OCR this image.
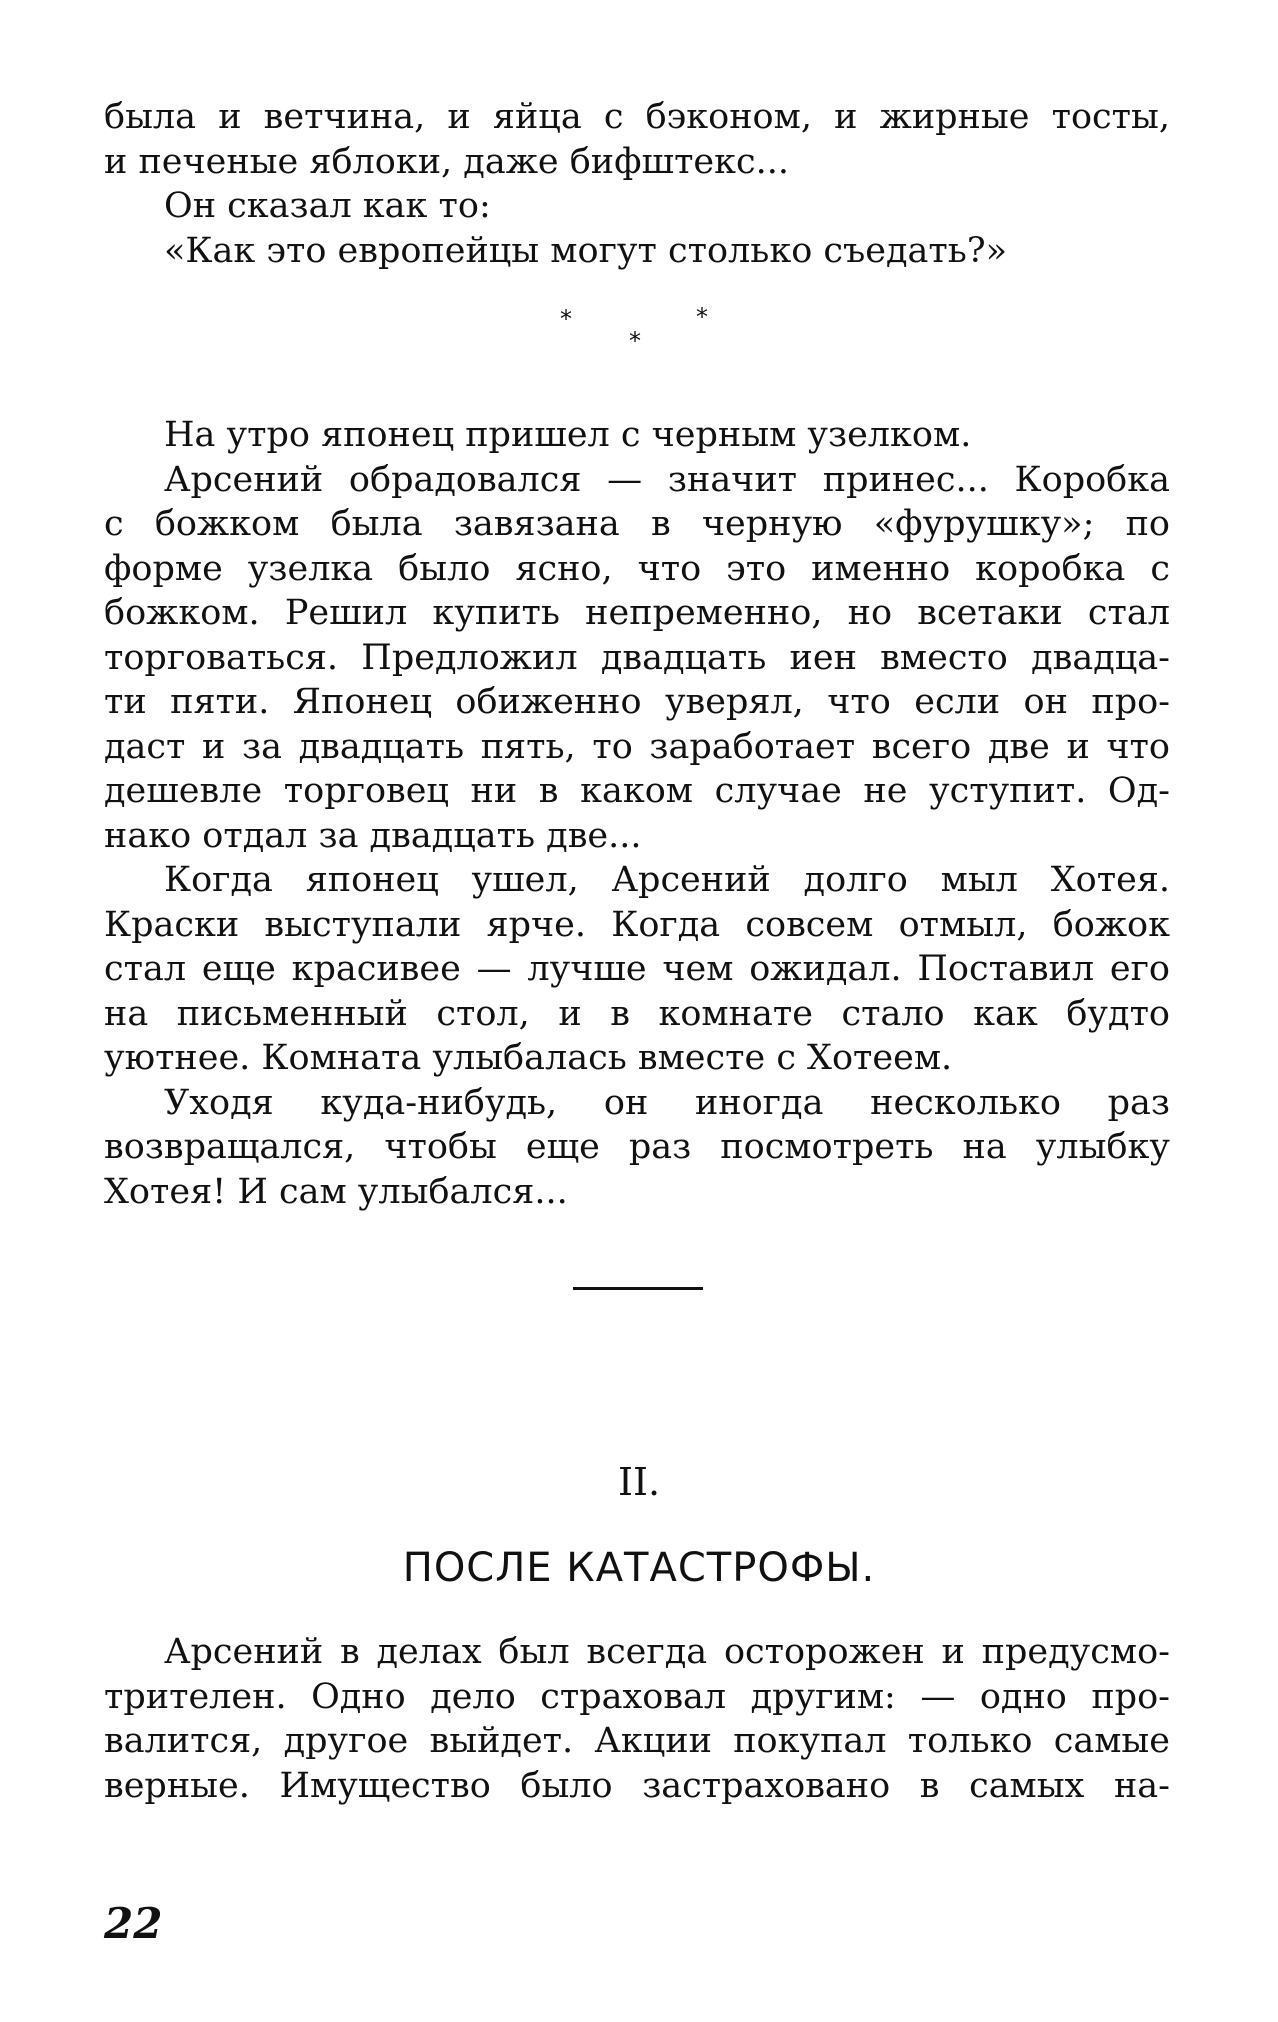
была и ветчина, и яйца с бэконом, и жирные тосты,
и печеные яблоки, даже бифштекс...
Он сказал как то:
«Как это европейцы могут столько съедать?»
*
*
*
На утро японец пришел с черным узелком.
Арсений обрадовался — значит принес... Коробка
с божком была завязана в черную «фурушку»; по
форме узелка было ясно, что это именно коробка с
божком. Решил купить непременно, но всетаки стал
торговаться. Предложил двадцать иен вместо двадца-
ти пяти. Японец обиженно уверял, что если он про-
даст и за двадцать пять, то заработает всего две и что
дешевле торговец ни в каком случае не уступит. Од-
нако отдал за двадцать две...
Когда японец ушел, Арсений долго мыл Хотея.
Краски выступали ярче. Когда совсем отмыл, божок
стал еще красивее — лучше чем ожидал. Поставил его
на письменный стол, и в комнате стало как будто
уютнее. Комната улыбалась вместе с Хотеем.
Уходя куда-нибудь, он иногда несколько раз
возвращался, чтобы еще раз посмотреть на улыбку
Хотея! И сам улыбался...
II.
ПОСЛЕ КАТАСТРОФЫ.
Арсений в делах был всегда осторожен и предусмо-
трителен. Одно дело страховал другим: — одно про-
валится, другое выйдет. Акции покупал только самые
верные. Имущество было застраховано в самых на-
22
